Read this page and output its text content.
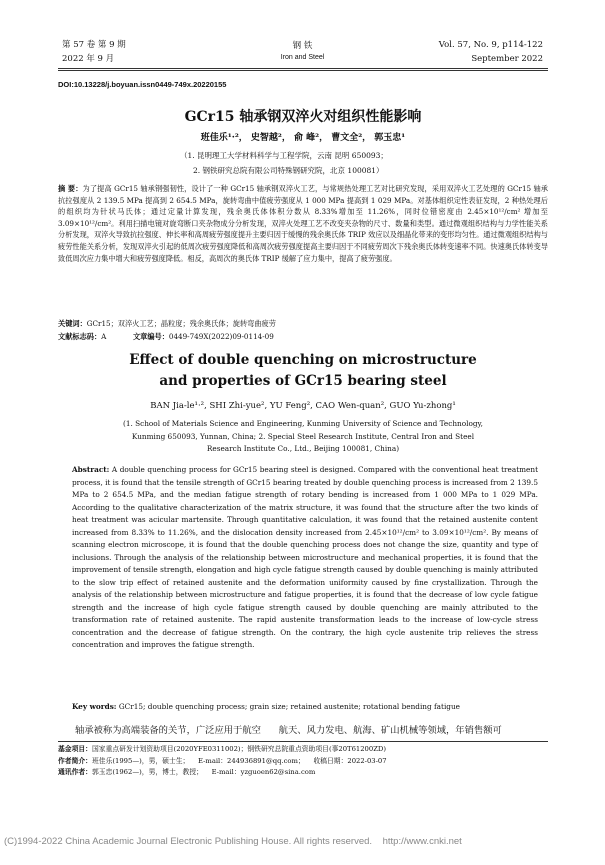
第 57 卷 第 9 期
2022 年 9 月
钢 铁
Iron and Steel
Vol. 57, No. 9, p114-122
September 2022
DOI:10.13228/j.boyuan.issn0449-749x.20220155
GCr15 轴承钢双淬火对组织性能影响
班佳乐¹·²， 史智越²， 俞 峰²， 曹文全²， 郭玉忠¹
（1. 昆明理工大学材料科学与工程学院，云南 昆明 650093；
2. 钢铁研究总院有限公司特殊钢研究院，北京 100081）
摘 要：为了提高 GCr15 轴承钢强韧性，设计了一种 GCr15 轴承钢双淬火工艺，与常规热处理工艺对比研究发现，采用双淬火工艺处理的 GCr15 轴承抗拉强度从 2 139.5 MPa 提高到 2 654.5 MPa，旋转弯曲中值疲劳强度从 1 000 MPa 提高到 1 029 MPa。对基体组织定性表征发现，2 种热处理后的组织均为针状马氏体；通过定量计算发现，残余奥氏体体积分数从 8.33%增加至 11.26%，同时位错密度由 2.45×10¹²/cm² 增加至 3.09×10¹²/cm²。利用扫描电镜对旋弯断口夹杂物成分分析发现，双淬火处理工艺不改变夹杂物的尺寸、数量和类型。通过微观组织结构与力学性能关系分析发现，双淬火导致抗拉强度、伸长率和高周疲劳强度提升主要归因于缓慢的残余奥氏体 TRIP 效应以及细晶化带来的变形均匀性。通过微观组织结构与疲劳性能关系分析，发现双淬火引起的低周次疲劳强度降低和高周次疲劳强度提高主要归因于不同疲劳周次下残余奥氏体转变速率不同。快速奥氏体转变导致低周次应力集中增大和疲劳强度降低。相反，高周次的奥氏体 TRIP 缓解了应力集中，提高了疲劳强度。
关键词：GCr15；双淬火工艺；晶粒度；残余奥氏体；旋转弯曲疲劳
文献标志码：A	文章编号：0449-749X(2022)09-0114-09
Effect of double quenching on microstructure
and properties of GCr15 bearing steel
BAN Jia-le¹·², SHI Zhi-yue², YU Feng², CAO Wen-quan², GUO Yu-zhong¹
(1. School of Materials Science and Engineering, Kunming University of Science and Technology,
Kunming 650093, Yunnan, China; 2. Special Steel Research Institute, Central Iron and Steel
Research Institute Co., Ltd., Beijing 100081, China)
Abstract: A double quenching process for GCr15 bearing steel is designed. Compared with the conventional heat treatment process, it is found that the tensile strength of GCr15 bearing treated by double quenching process is increased from 2 139.5 MPa to 2 654.5 MPa, and the median fatigue strength of rotary bending is increased from 1 000 MPa to 1 029 MPa. According to the qualitative characterization of the matrix structure, it was found that the structure after the two kinds of heat treatment was acicular martensite. Through quantitative calculation, it was found that the retained austenite content increased from 8.33% to 11.26%, and the dislocation density increased from 2.45×10¹²/cm² to 3.09×10¹²/cm². By means of scanning electron microscope, it is found that the double quenching process does not change the size, quantity and type of inclusions. Through the analysis of the relationship between microstructure and mechanical properties, it is found that the improvement of tensile strength, elongation and high cycle fatigue strength caused by double quenching is mainly attributed to the slow trip effect of retained austenite and the deformation uniformity caused by fine crystallization. Through the analysis of the relationship between microstructure and fatigue properties, it is found that the decrease of low cycle fatigue strength and the increase of high cycle fatigue strength caused by double quenching are mainly attributed to the transformation rate of retained austenite. The rapid austenite transformation leads to the increase of low-cycle stress concentration and the decrease of fatigue strength. On the contrary, the high cycle austenite trip relieves the stress concentration and improves the fatigue strength.
Key words: GCr15; double quenching process; grain size; retained austenite; rotational bending fatigue
轴承被称为高端装备的关节，广泛应用于航空      航天、风力发电、航海、矿山机械等领域，年销售额可
基金项目：国家重点研发计划资助项目(2020YFE0311002)；钢铁研究总院重点资助项目(事20T61200ZD)
作者简介：班佳乐(1995—)，男，硕士生；    E-mail：244936891@qq.com；    收稿日期：2022-03-07
通讯作者：郭玉忠(1962—)，男，博士，教授；    E-mail：yzguoen62@sina.com
(C)1994-2022 China Academic Journal Electronic Publishing House. All rights reserved.    http://www.cnki.net
